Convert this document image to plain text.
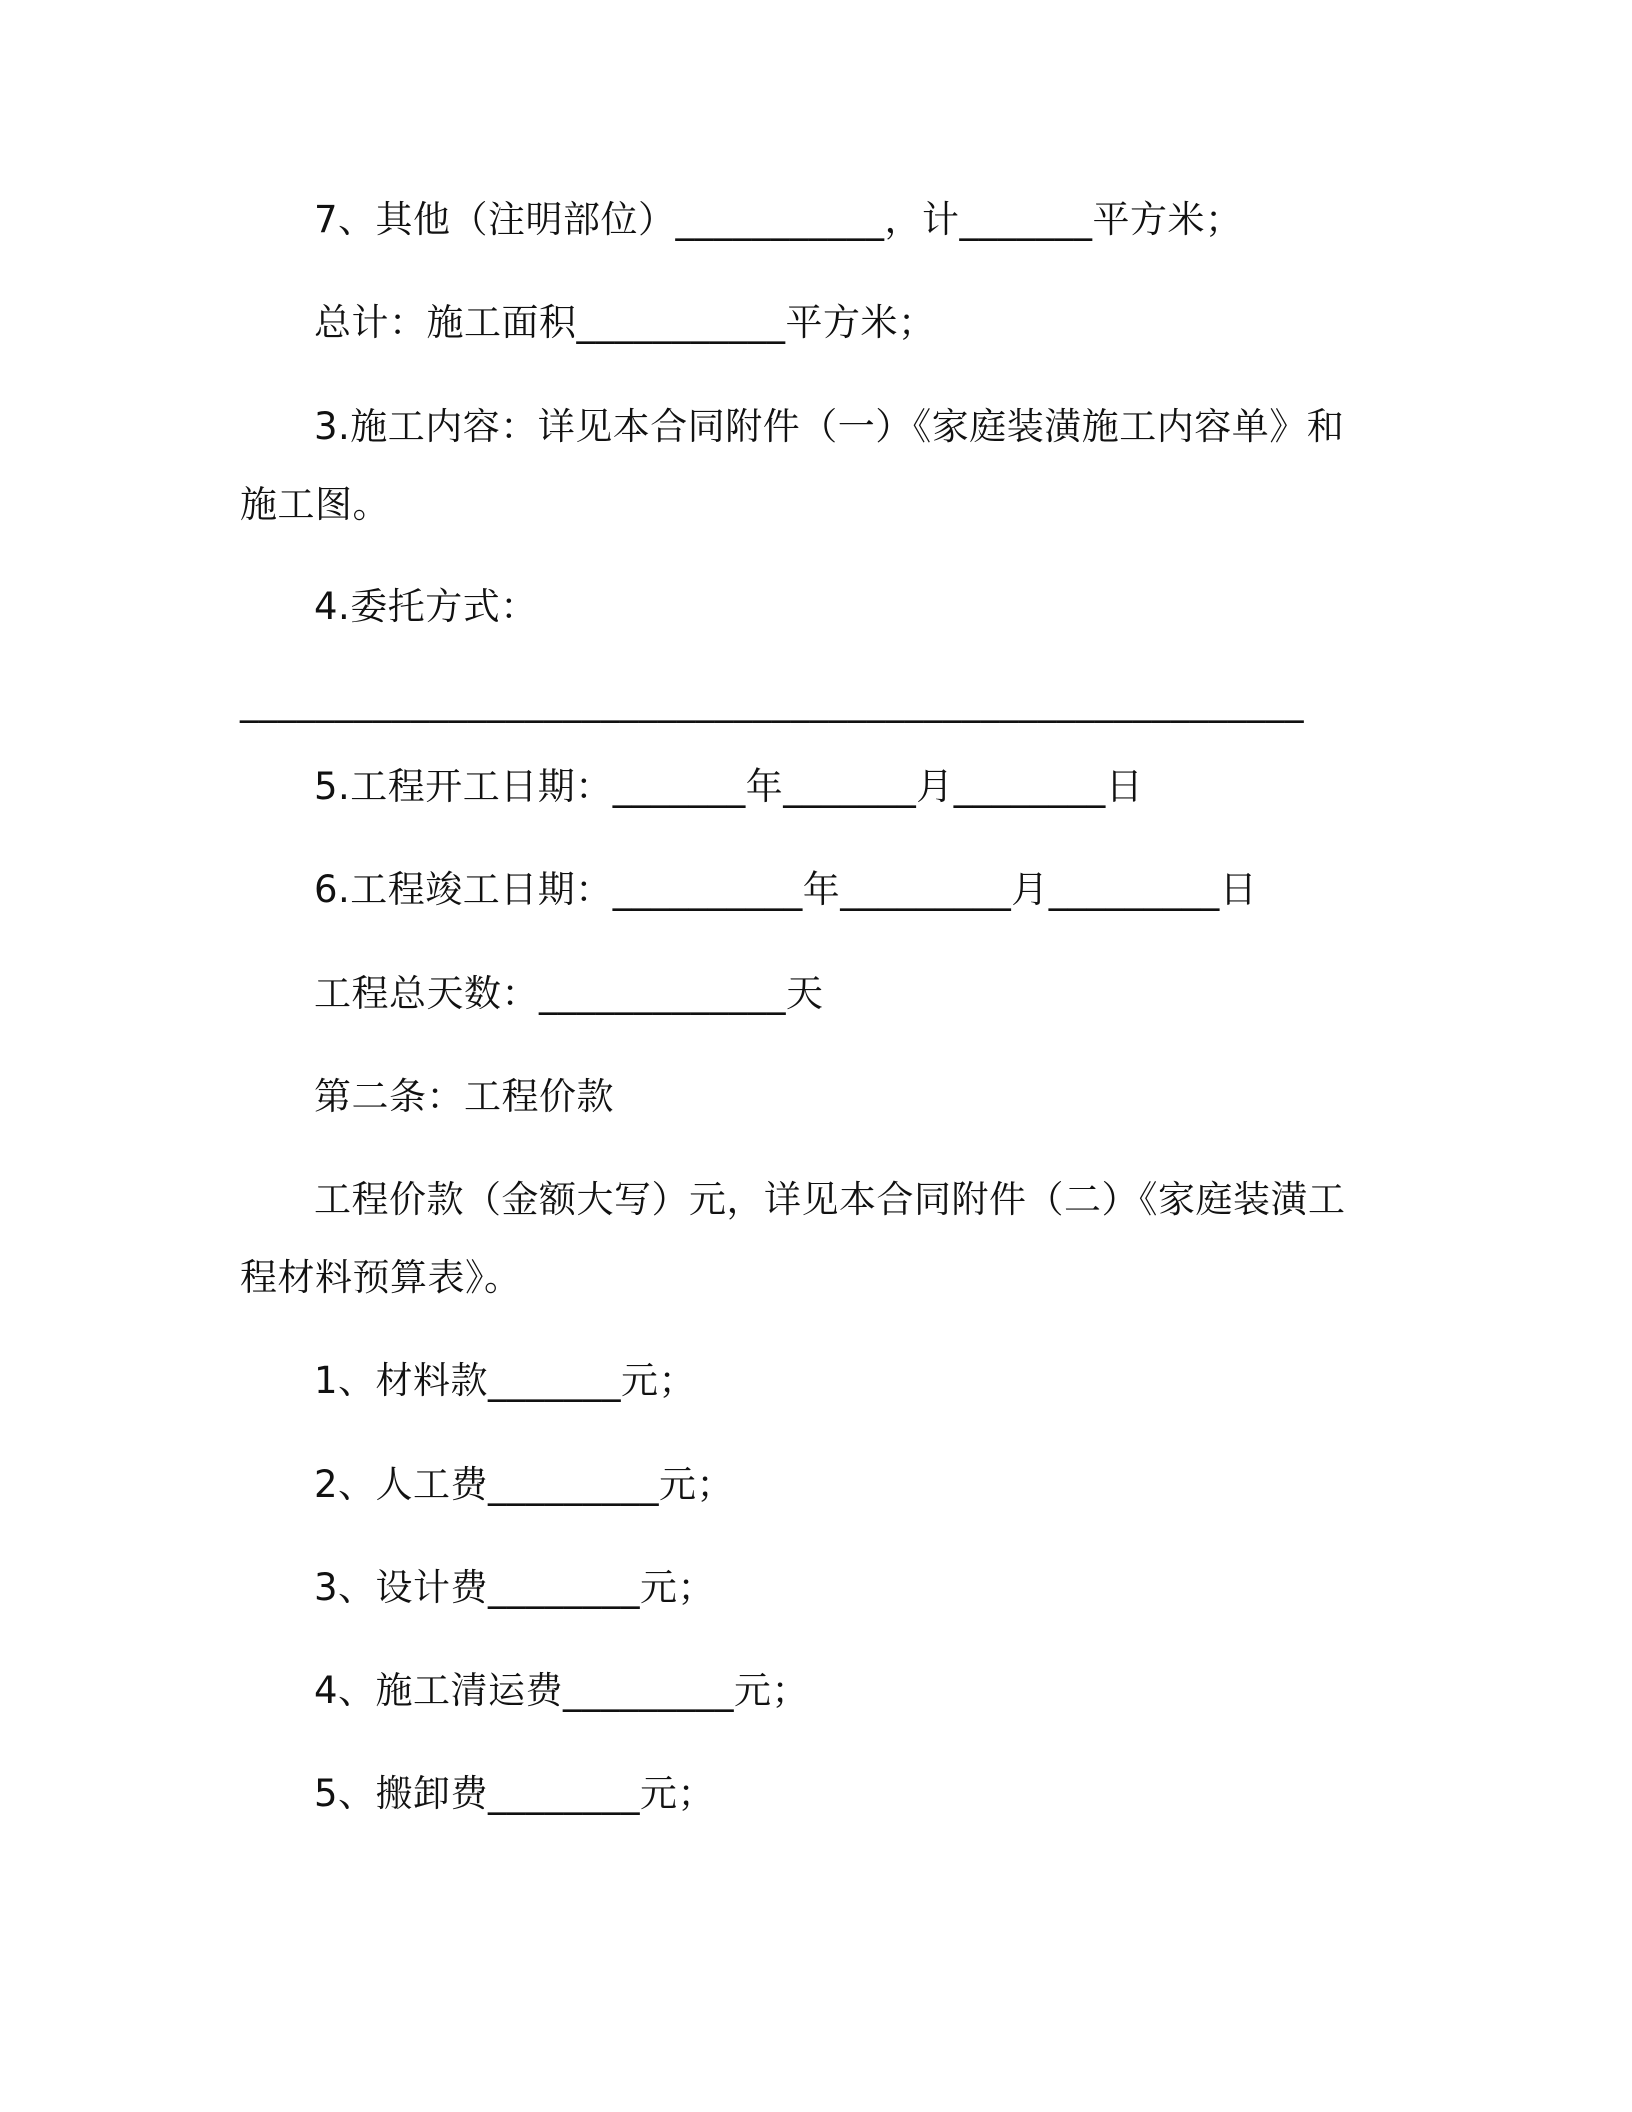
7、其他（注明部位）___________，计_______平方米；
总计：施工面积___________平方米；
3.施工内容：详见本合同附件（一）《家庭装潢施工内容单》和
施工图。
4.委托方式：
________________________________________________________
5.工程开工日期：_______年_______月________日
6.工程竣工日期：__________年_________月_________日
工程总天数：_____________天
第二条：工程价款
工程价款（金额大写）元，详见本合同附件（二）《家庭装潢工
程材料预算表》。
1、材料款_______元；
2、人工费_________元；
3、设计费________元；
4、施工清运费_________元；
5、搬卸费________元；
